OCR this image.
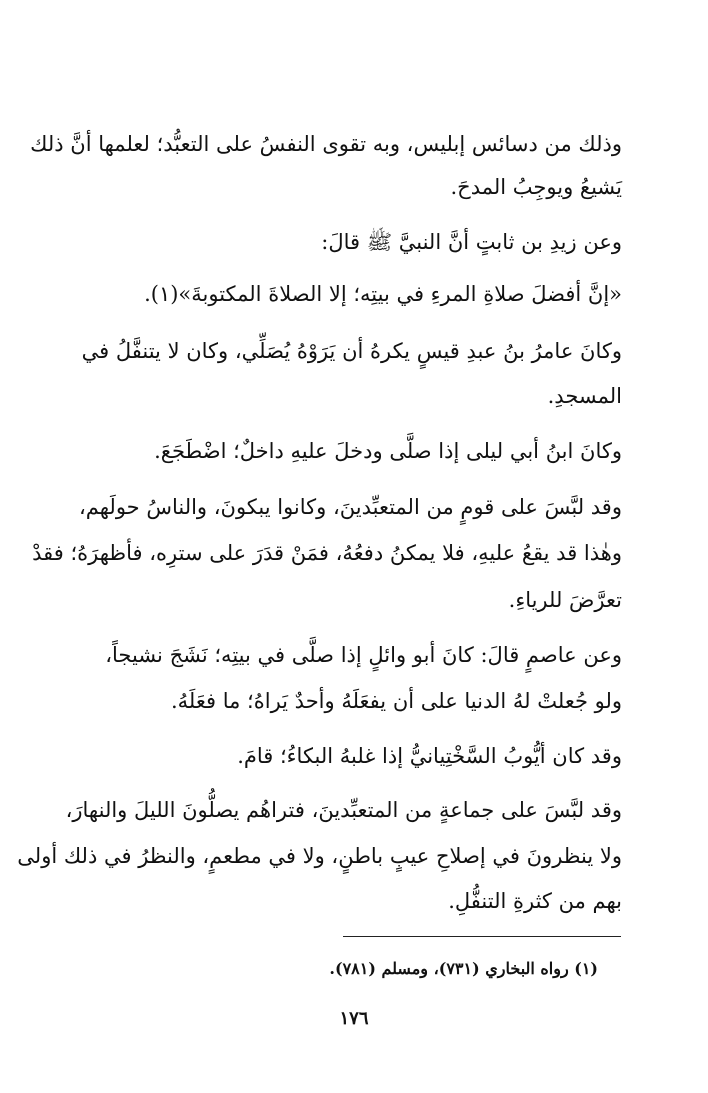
وذلك من دسائس إبليس، وبه تقوى النفسُ على التعبُّد؛ لعلمها أنَّ ذلك
يَشيعُ ويوجِبُ المدحَ.
وعن زيدِ بن ثابتٍ أنَّ النبيَّ ﷺ قالَ:
«إنَّ أفضلَ صلاةِ المرءِ في بيتِه؛ إلا الصلاةَ المكتوبةَ»(١).
وكانَ عامرُ بنُ عبدِ قيسٍ يكرهُ أن يَرَوْهُ يُصَلِّي، وكان لا يتنفَّلُ في
المسجدِ.
وكانَ ابنُ أبي ليلى إذا صلَّى ودخلَ عليهِ داخلٌ؛ اضْطَجَعَ.
وقد لبَّسَ على قومٍ من المتعبِّدينَ، وكانوا يبكونَ، والناسُ حولَهم،
وهٰذا قد يقعُ عليهِ، فلا يمكنُ دفعُهُ، فمَنْ قدَرَ على سترِه، فأظهرَهُ؛ فقدْ
تعرَّضَ للرياءِ.
وعن عاصمٍ قالَ: كانَ أبو وائلٍ إذا صلَّى في بيتِه؛ نَشَجَ نشيجاً،
ولو جُعلتْ لهُ الدنيا على أن يفعَلَهُ وأحدٌ يَراهُ؛ ما فعَلَهُ.
وقد كان أيُّوبُ السَّخْتِيانيُّ إذا غلبهُ البكاءُ؛ قامَ.
وقد لبَّسَ على جماعةٍ من المتعبِّدينَ، فتراهُم يصلُّونَ الليلَ والنهارَ،
ولا ينظرونَ في إصلاحِ عيبٍ باطنٍ، ولا في مطعمٍ، والنظرُ في ذلك أولى
بهم من كثرةِ التنفُّلِ.
(١) رواه البخاري (٧٣١)، ومسلم (٧٨١).
١٧٦
